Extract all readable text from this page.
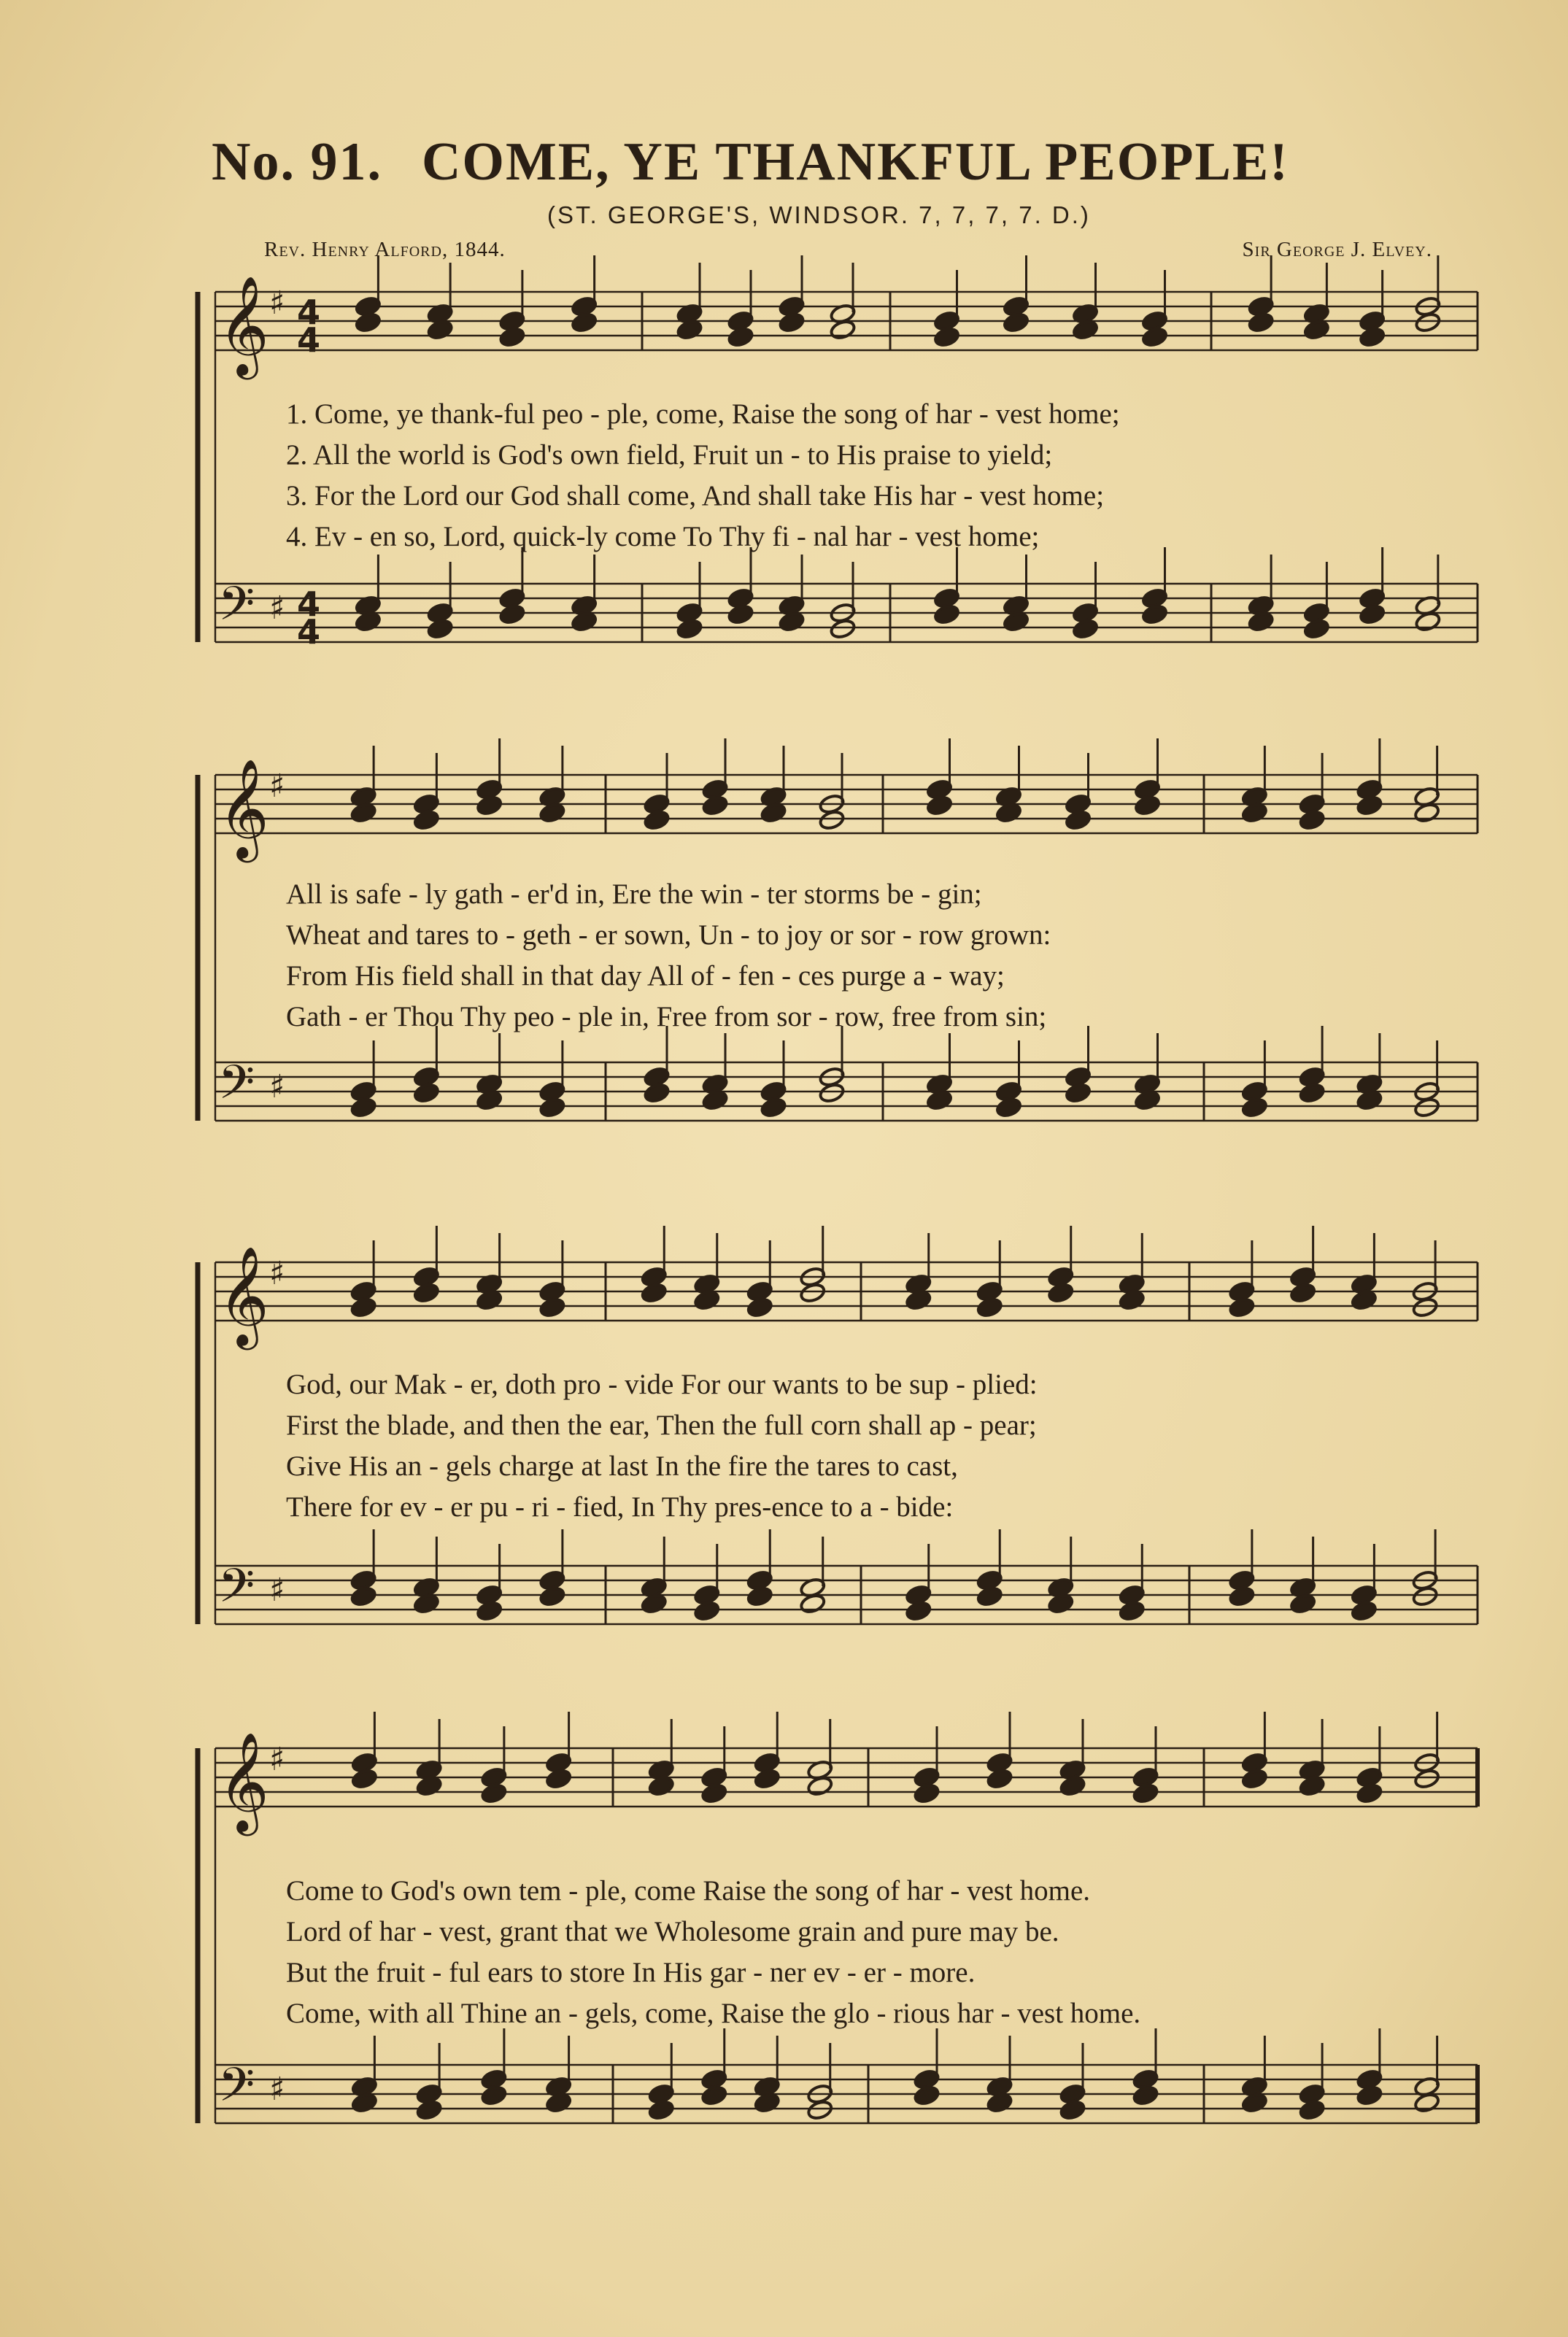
No. 91. COME, YE THANKFUL PEOPLE!
(ST. GEORGE'S, WINDSOR. 7, 7, 7, 7. D.)
Rev. Henry Alford, 1844.	Sir George J. Elvey.
𝄞 ♯ 4
4
𝄢 ♯ 4
4
𝄞 ♯
𝄢 ♯
𝄞 ♯
𝄢 ♯
𝄞 ♯
𝄢 ♯
1. Come, ye thank-ful peo - ple, come, Raise the song of har - vest home;
2. All the world is God's own field, Fruit un - to His praise to yield;
3. For the Lord our God shall come, And shall take His har - vest home;
4. Ev - en so, Lord, quick-ly come To Thy fi - nal har - vest home;
All is safe - ly gath - er'd in, Ere the win - ter storms be - gin;
Wheat and tares to - geth - er sown, Un - to joy or sor - row grown:
From His field shall in that day All of - fen - ces purge a - way;
Gath - er Thou Thy peo - ple in, Free from sor - row, free from sin;
God, our Mak - er, doth pro - vide For our wants to be sup - plied:
First the blade, and then the ear, Then the full corn shall ap - pear;
Give His an - gels charge at last In the fire the tares to cast,
There for ev - er pu - ri - fied, In Thy pres-ence to a - bide:
Come to God's own tem - ple, come Raise the song of har - vest home.
Lord of har - vest, grant that we Wholesome grain and pure may be.
But the fruit - ful ears to store In His gar - ner ev - er - more.
Come, with all Thine an - gels, come, Raise the glo - rious har - vest home.
